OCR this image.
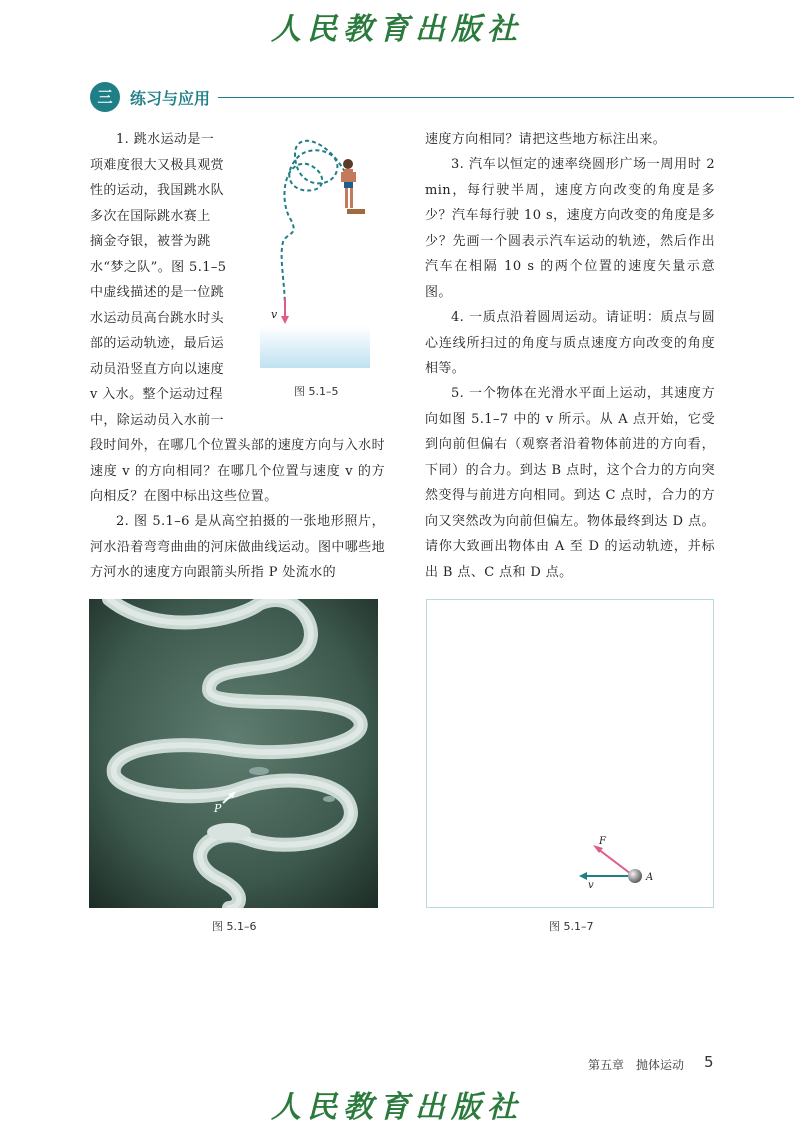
人民教育出版社
三	练习与应用
1. 跳水运动是一
项难度很大又极具观赏
性的运动，我国跳水队
多次在国际跳水赛上
摘金夺银，被誉为跳
水“梦之队”。图 5.1–5
中虚线描述的是一位跳
水运动员高台跳水时头
部的运动轨迹，最后运
动员沿竖直方向以速度
v 入水。整个运动过程
中，除运动员入水前一
段时间外，在哪几个位置头部的速度方向与入水时速度 v 的方向相同？在哪几个位置与速度 v 的方向相反？在图中标出这些位置。
v
图 5.1–5

2. 图 5.1–6 是从高空拍摄的一张地形照片，河水沿着弯弯曲曲的河床做曲线运动。图中哪些地方河水的速度方向跟箭头所指 P 处流水的

速度方向相同？请把这些地方标注出来。

3. 汽车以恒定的速率绕圆形广场一周用时 2 min，每行驶半周，速度方向改变的角度是多少？汽车每行驶 10 s，速度方向改变的角度是多少？先画一个圆表示汽车运动的轨迹，然后作出汽车在相隔 10 s 的两个位置的速度矢量示意图。

4. 一质点沿着圆周运动。请证明：质点与圆心连线所扫过的角度与质点速度方向改变的角度相等。

5. 一个物体在光滑水平面上运动，其速度方向如图 5.1–7 中的 v 所示。从 A 点开始，它受到向前但偏右（观察者沿着物体前进的方向看，下同）的合力。到达 B 点时，这个合力的方向突然变得与前进方向相同。到达 C 点时，合力的方向又突然改为向前但偏左。物体最终到达 D 点。请你大致画出物体由 A 至 D 的运动轨迹，并标出 B 点、C 点和 D 点。

P
图 5.1–6
F
v
A
图 5.1–7
第五章　抛体运动 5
人民教育出版社
